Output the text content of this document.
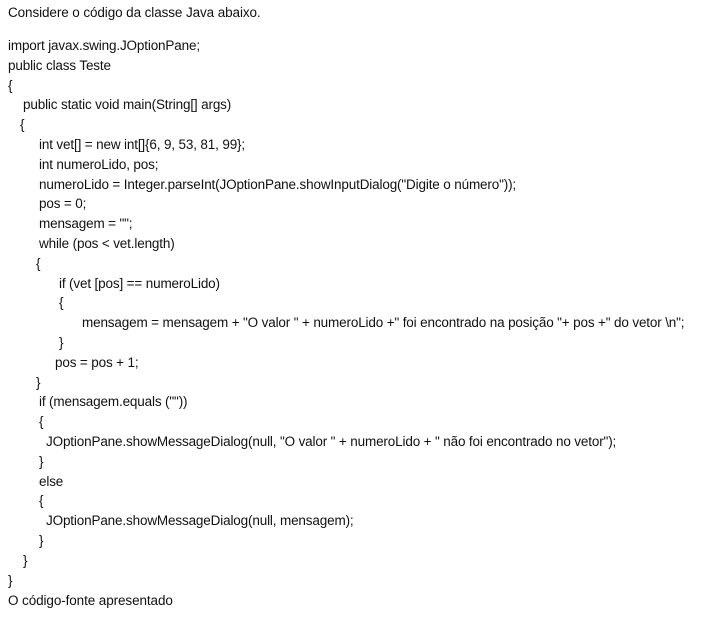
Considere o código da classe Java abaixo.
import javax.swing.JOptionPane;
public class Teste
{
public static void main(String[] args)
{
int vet[] = new int[]{6, 9, 53, 81, 99};
int numeroLido, pos;
numeroLido = Integer.parseInt(JOptionPane.showInputDialog("Digite o número"));
pos = 0;
mensagem = "";
while (pos < vet.length)
{
if (vet [pos] == numeroLido)
{
mensagem = mensagem + "O valor " + numeroLido +" foi encontrado na posição "+ pos +" do vetor \n";
}
pos = pos + 1;
}
if (mensagem.equals (""))
{
JOptionPane.showMessageDialog(null, "O valor " + numeroLido + " não foi encontrado no vetor");
}
else
{
JOptionPane.showMessageDialog(null, mensagem);
}
}
}
O código-fonte apresentado
